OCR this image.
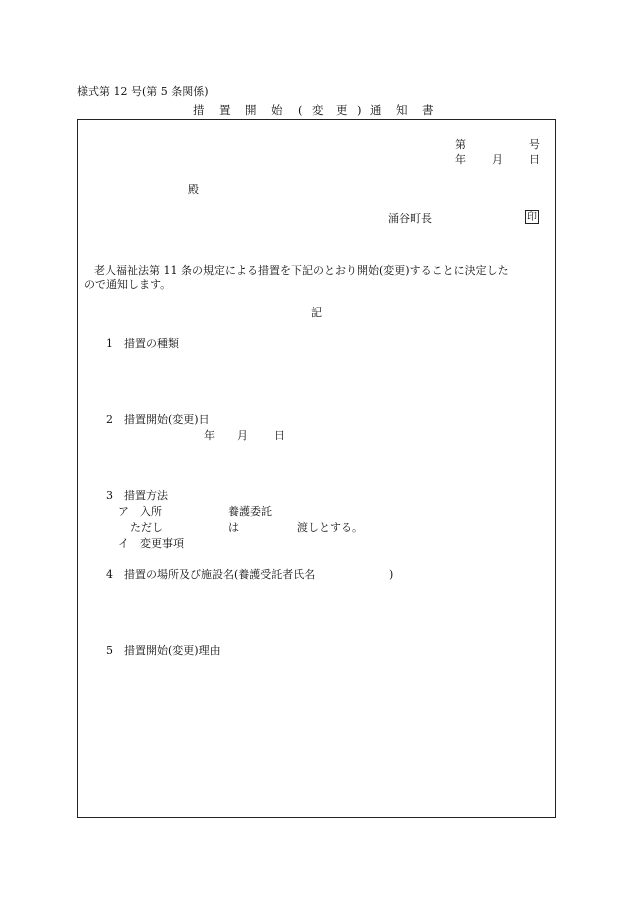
様式第 12 号(第 5 条関係)
措 置 開 始 ( 変 更 ) 通 知 書
第	号
年 月 日
殿
涌谷町長	印
老人福祉法第 11 条の規定による措置を下記のとおり開始(変更)することに決定した
ので通知します。
記
1　措置の種類
2　措置開始(変更)日
年 月 日
3　措置方法
ア　入所	養護委託
ただし	は	渡しとする。
イ　変更事項
4　措置の場所及び施設名(養護受託者氏名	)
5　措置開始(変更)理由
